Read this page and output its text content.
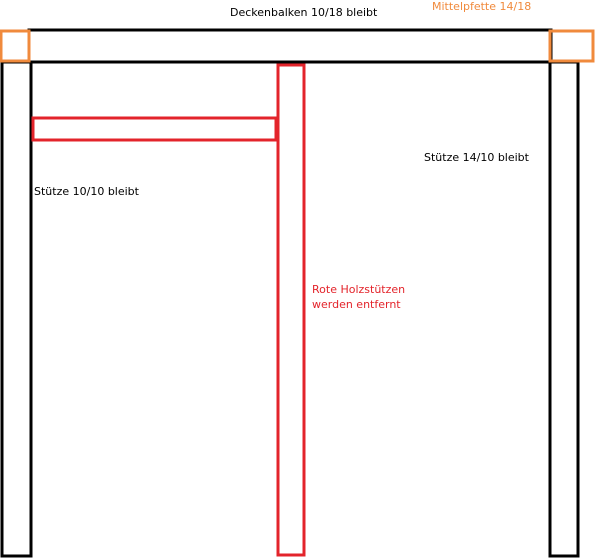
Deckenbalken 10/18 bleibt	Mittelpfette 14/18
Stütze 14/10 bleibt
Stütze 10/10 bleibt
Rote Holzstützen
werden entfernt
